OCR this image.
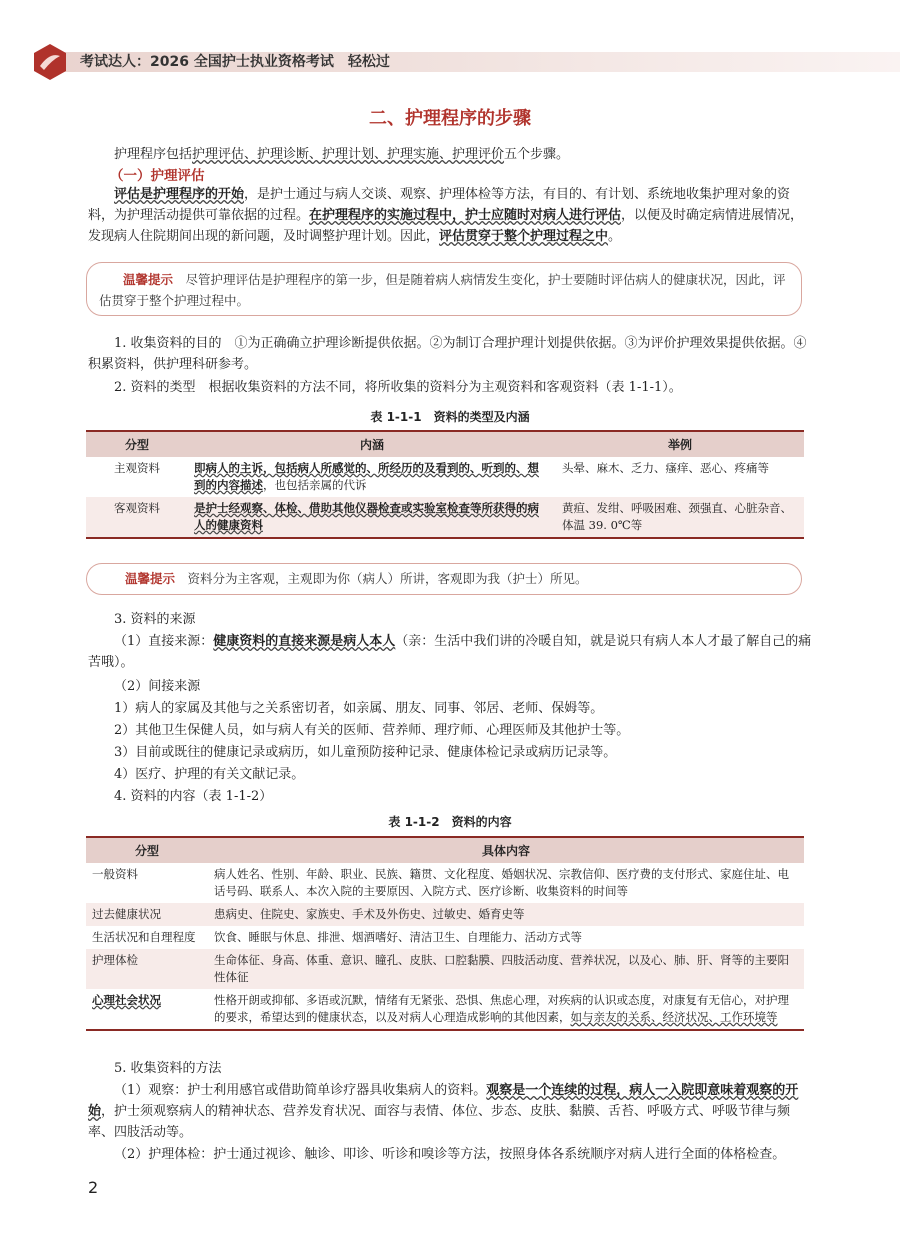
考试达人：2026 全国护士执业资格考试　轻松过
二、护理程序的步骤
护理程序包括护理评估、护理诊断、护理计划、护理实施、护理评价五个步骤。
（一）护理评估
评估是护理程序的开始，是护士通过与病人交谈、观察、护理体检等方法，有目的、有计划、系统地收集护理对象的资料，为护理活动提供可靠依据的过程。在护理程序的实施过程中，护士应随时对病人进行评估，以便及时确定病情进展情况，发现病人住院期间出现的新问题，及时调整护理计划。因此，评估贯穿于整个护理过程之中。
温馨提示　 尽管护理评估是护理程序的第一步，但是随着病人病情发生变化，护士要随时评估病人的健康状况，因此，评估贯穿于整个护理过程中。
1. 收集资料的目的　①为正确确立护理诊断提供依据。②为制订合理护理计划提供依据。③为评价护理效果提供依据。④积累资料，供护理科研参考。
2. 资料的类型　根据收集资料的方法不同，将所收集的资料分为主观资料和客观资料（表 1-1-1）。
表 1-1-1　资料的类型及内涵
分型	内涵	举例
主观资料	即病人的主诉，包括病人所感觉的、所经历的及看到的、听到的、想到的内容描述，也包括亲属的代诉	头晕、麻木、乏力、瘙痒、恶心、疼痛等
客观资料	是护士经观察、体检、借助其他仪器检查或实验室检查等所获得的病人的健康资料	黄疸、发绀、呼吸困难、颈强直、心脏杂音、体温 39. 0℃等
温馨提示　 资料分为主客观，主观即为你（病人）所讲，客观即为我（护士）所见。
3. 资料的来源
（1）直接来源：健康资料的直接来源是病人本人（亲：生活中我们讲的冷暖自知，就是说只有病人本人才最了解自己的痛苦哦）。
（2）间接来源
1）病人的家属及其他与之关系密切者，如亲属、朋友、同事、邻居、老师、保姆等。
2）其他卫生保健人员，如与病人有关的医师、营养师、理疗师、心理医师及其他护士等。
3）目前或既往的健康记录或病历，如儿童预防接种记录、健康体检记录或病历记录等。
4）医疗、护理的有关文献记录。
4. 资料的内容（表 1-1-2）
表 1-1-2　资料的内容
分型	具体内容
一般资料	病人姓名、性别、年龄、职业、民族、籍贯、文化程度、婚姻状况、宗教信仰、医疗费的支付形式、家庭住址、电话号码、联系人、本次入院的主要原因、入院方式、医疗诊断、收集资料的时间等
过去健康状况	患病史、住院史、家族史、手术及外伤史、过敏史、婚育史等
生活状况和自理程度	饮食、睡眠与休息、排泄、烟酒嗜好、清洁卫生、自理能力、活动方式等
护理体检	生命体征、身高、体重、意识、瞳孔、皮肤、口腔黏膜、四肢活动度、营养状况，以及心、肺、肝、肾等的主要阳性体征
心理社会状况	性格开朗或抑郁、多语或沉默，情绪有无紧张、恐惧、焦虑心理，对疾病的认识或态度，对康复有无信心，对护理的要求，希望达到的健康状态，以及对病人心理造成影响的其他因素，如与亲友的关系、经济状况、工作环境等
5. 收集资料的方法
（1）观察：护士利用感官或借助简单诊疗器具收集病人的资料。观察是一个连续的过程，病人一入院即意味着观察的开始，护士须观察病人的精神状态、营养发育状况、面容与表情、体位、步态、皮肤、黏膜、舌苔、呼吸方式、呼吸节律与频率、四肢活动等。
（2）护理体检：护士通过视诊、触诊、叩诊、听诊和嗅诊等方法，按照身体各系统顺序对病人进行全面的体格检查。
2
